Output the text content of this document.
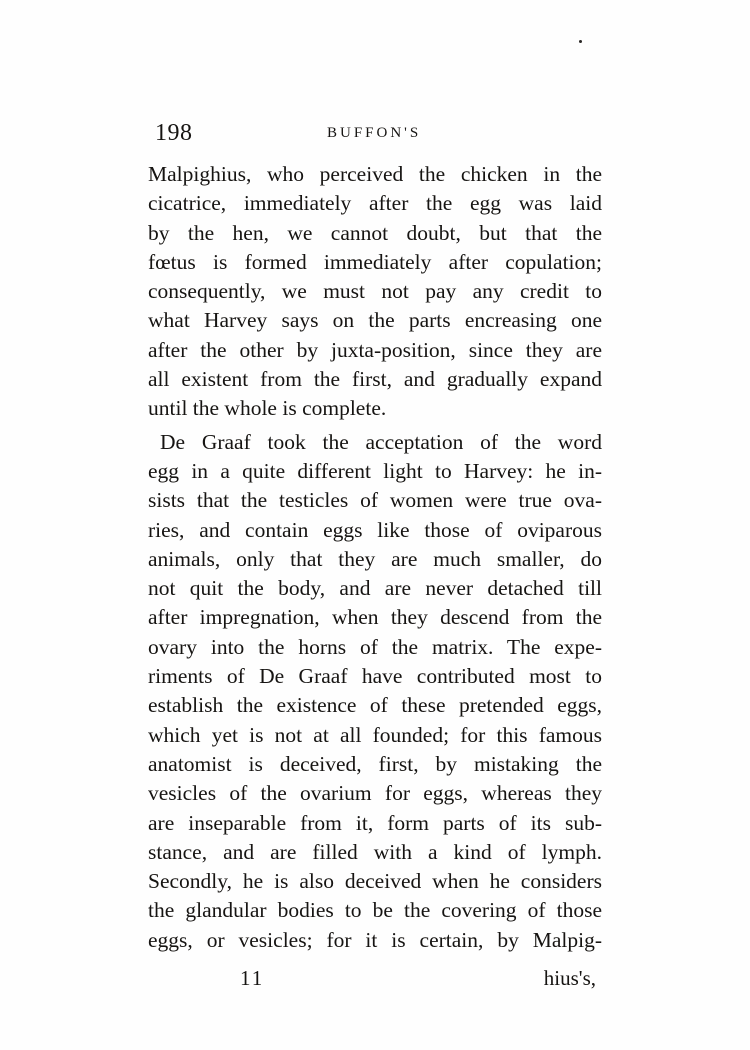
198	BUFFON'S
Malpighius, who perceived the chicken in the
cicatrice, immediately after the egg was laid
by the hen, we cannot doubt, but that the
fœtus is formed immediately after copulation;
consequently, we must not pay any credit to
what Harvey says on the parts encreasing one
after the other by juxta-position, since they are
all existent from the first, and gradually expand
until the whole is complete.
De Graaf took the acceptation of the word
egg in a quite different light to Harvey: he in-
sists that the testicles of women were true ova-
ries, and contain eggs like those of oviparous
animals, only that they are much smaller, do
not quit the body, and are never detached till
after impregnation, when they descend from the
ovary into the horns of the matrix. The expe-
riments of De Graaf have contributed most to
establish the existence of these pretended eggs,
which yet is not at all founded; for this famous
anatomist is deceived, first, by mistaking the
vesicles of the ovarium for eggs, whereas they
are inseparable from it, form parts of its sub-
stance, and are filled with a kind of lymph.
Secondly, he is also deceived when he considers
the glandular bodies to be the covering of those
eggs, or vesicles; for it is certain, by Malpig-
11	hius's,
